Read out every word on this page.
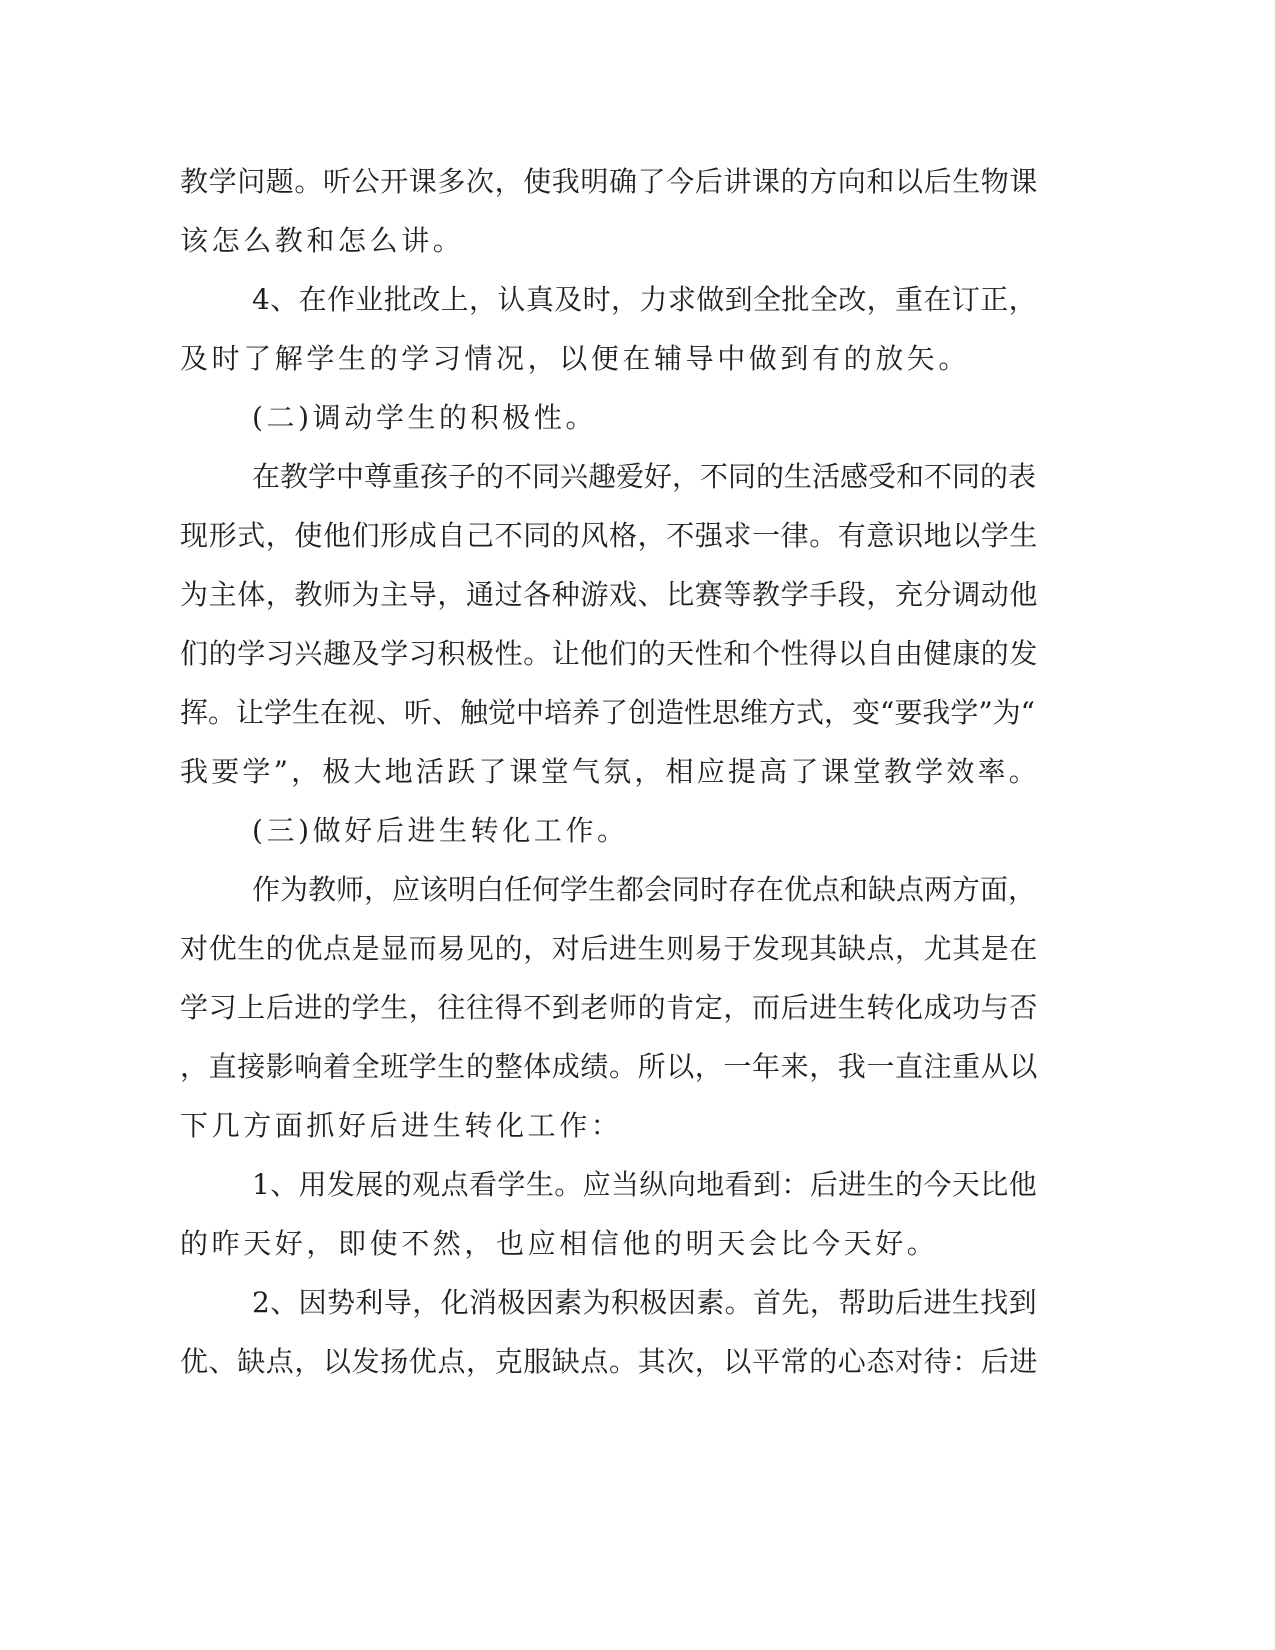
教学问题。听公开课多次，使我明确了今后讲课的方向和以后生物课
该怎么教和怎么讲。
4、在作业批改上，认真及时，力求做到全批全改，重在订正，
及时了解学生的学习情况，以便在辅导中做到有的放矢。
(二)调动学生的积极性。
在教学中尊重孩子的不同兴趣爱好，不同的生活感受和不同的表
现形式，使他们形成自己不同的风格，不强求一律。有意识地以学生
为主体，教师为主导，通过各种游戏、比赛等教学手段，充分调动他
们的学习兴趣及学习积极性。让他们的天性和个性得以自由健康的发
挥。让学生在视、听、触觉中培养了创造性思维方式，变“要我学”为“
我要学”，极大地活跃了课堂气氛，相应提高了课堂教学效率。
(三)做好后进生转化工作。
作为教师，应该明白任何学生都会同时存在优点和缺点两方面，
对优生的优点是显而易见的，对后进生则易于发现其缺点，尤其是在
学习上后进的学生，往往得不到老师的肯定，而后进生转化成功与否
，直接影响着全班学生的整体成绩。所以，一年来，我一直注重从以
下几方面抓好后进生转化工作：
1、用发展的观点看学生。应当纵向地看到：后进生的今天比他
的昨天好，即使不然，也应相信他的明天会比今天好。
2、因势利导，化消极因素为积极因素。首先，帮助后进生找到
优、缺点，以发扬优点，克服缺点。其次，以平常的心态对待：后进
